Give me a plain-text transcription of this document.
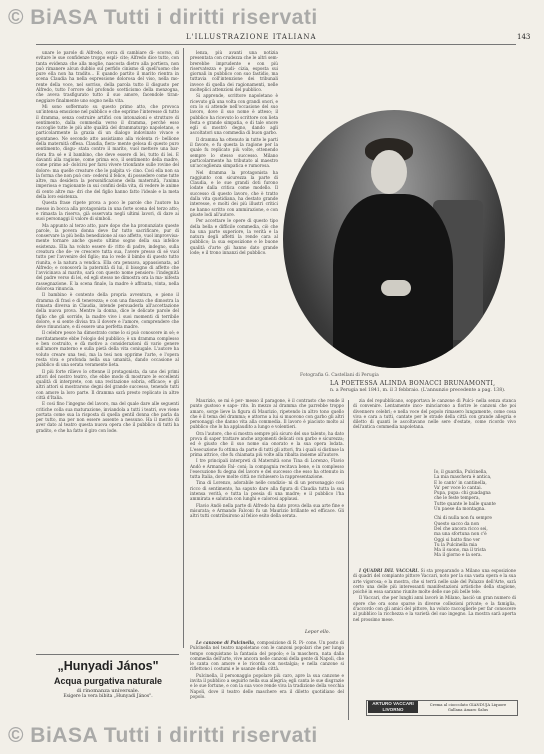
© BiASA Tutti i diritti riservati
L'ILLUSTRAZIONE ITALIANA	143

unare le parole di Alfredo, cerca di cambiare di- scorso, di evitare le sue confidenze troppo espli- cite; Alfredo dice tutto, con tanta evidenza che alla moglie, nascosta dietro alla portiera, non può rimanere alcun dubbio sul perfido cinismo di quell'uomo che pure ella non ha tradito... E quando partito il marito rientra in scena Claudia ha nella espressione dolorosa del viso, nella mo- rente della voce, nel sorriso, della parola tutto il disgusto per Alfredo, tutto l'orrore del profondo scetticismo della menzogna, che aveva trasfigurato tutto il suo amore, facendole tiran- neggiare finalmente uno sogno nella vita.

Mi sono soffermato su questo primo atto, che provoca un'intensa emozione nel pubblico e che esprime l'interesse di tutto il dramma, senza costruire artifici con intonazioni e strutture di sentimento, dalla commedia verso il dramma, perché esso raccoglie tutte le più alte qualità del drammaturgo napoletano, e particolarmente la grazia di un dialogo indovinato vivace e spontaneo. Ne secondo atto assistiamo alla violenta ri- bellione della maternità offesa. Claudia, fiera- mente gelosa di questo puro sentimento, disgu- stata contro il marito, vuol mettere una bar- riera fra sé e il bambino, che deve essere di lei, tutto di lei. E davanti alla ragione, come prima eco, il sentimento della madre, come primo ad- dolcirsi per farsi vivere trionfante sulle rovine del dolore: ma quelle creature che le palpita vi- cino. Così ella non sa la forma che non può con- cedersi il felice, di possedere come tutte altre, ma desidera la personificazione della maternità, l'anima imperiosa e ragionante in sui confini della vita, di vedere le anime di cento altre ma- dri che del figlio hanno fatto l'ideale e la meta della loro esistenza.

Questa frase ripete prova a poco le parole che l'autore ha messo in bocca alla protagonista in una forte scena del terzo atto; e rimasta la riserva, già osservata negli ultimi lavori, di dare ai suoi personaggi il valore di simboli.

Ma appunto al terzo atto, pare dopo che ha pronunziato queste parole, la povera donna deve far tutto sacrificare, pur di conservare la più bella benedizione al suo affetto, vuol improvvisa- mente tornare anche questo ultimo sogno della sua infelice esistenza. Ella ha voluto essere di- ritto di padre, indegno, sulla creatura che de- ve crescere tutta sua, l'avere presso di sé vuol tutto per l'avvenire del figlio; ma lo vede il bimbo di questo tutto riunita, e la natura a vendica. Ella ora pensava, appassionata, ad Alfredo; e conoscerà la paternità di lui, il bisogno di affetto che l'avvicinava al marito, sarà con questo nome pensiero: l'indegnità del padre verso di lei, ed egli stesso ne dimostra ora la ma- nifesta rassegnazione. E la scena finale, la madre è affranta, vinta, nella dolorosa rinuncia.

Il bambino è contento della propria avventura, e pieno il dramma di frasi e di tenerezza; e con una finezza che dimostra la rimasta diversa in Claudia, intende persuaderla all'accettazione della nuova prova. Mentre la donna, dice le delicate parole del figlio che gli sorride, la madre vive i suoi momenti di terribile dolore, e si sente divisa tra il dovere e l'amore, comprendere che deve rinunciare, e di essere una perfetta madre.

Il celebre pesce ha dimostrato come lo si può conoscere in sé; e meritatamente ebbe l'elogio del pubblico; è un dramma complesso e ben costruito, e dà motivo a considerazioni di vario genere sull'amore materno e sulla pietà della vita coniugale. L'autore ha voluto creare una tesi, ma la tesi non opprime l'arte, e l'opera resta viva e profonda nella sua umanità, dando occasione al pubblico di una serata veramente lieta.

Il più forte rilievo lo ottenne il protagonista, da uno dei primi attori del nostro teatro, che ebbe modo di mostrare le eccellenti qualità di interprete, con una recitazione sobria, efficace; e gli altri attori si mostrarono degni del grande successo, tenendo tutti con amore la loro parte. Il dramma sarà presto replicato in altre città d'Italia.

E così fino l'ingegno del lavoro, ma del quale dare alle seguenti critiche colla sua maturazione, inviandola a tutti i teatri, ove viene portata come sua la risposta di quella gentil donna che parla da per tutto, ma per non essere assente a nessuno. Ha il merito di aver dato al teatro questa nuova opera che il pubblico di tutti ha gradito, e che ha fatto il giro con lode.

lenza, più avanti una notizia presentata con crudezza che le altri sem- brerebbe imprudente e con più riservatezza e pudi- cizia, esposta sui giornali in pubblico con suo fastidio, ma tuttavia coll'intenzione dei tribunali invece di quella dei ragionamenti, nelle molteplici attenzioni del pubblico.

Si apprende, scrittore napoletano è ricevuto già una volta con grandi onori, e ora lo si attende nell'occasione del suo lavoro, dove il suo nome è atteso; il pubblico ha ricevuto lo scrittore con lieta festa e grande simpatia, e di tale onore egli si mostrò degno, dando agli ascoltatori una commedia di buon garbo.

Il dramma ha ottenuto in tutte le parti il favore, e fu questa la ragione per la quale fu replicato più volte, ottenendo sempre lo stesso successo. Milano particolarmente ha tributato al maestro un'accoglienza simpatica e rumorosa.

Nel dramma la protagonista ha raggiunto con sicurezza la parte di Claudia, e le sue grandi doti furono lodate dalla critica come modello. Il successo di questo lavoro, che è tratto dalla vita quotidiana, ha destato grande interesse, e molti dei più illustri critici ne hanno scritto con ammirazione, e con giuste lodi all'autore.

Per accettare le opere di questo tipo della bella e difficile commedia, ciò che ha una parte superiore, la verità e la natura degli affetti la rende cara al pubblico; la sua esposizione e le buone qualità d'arte gli hanno dato grande lode; e il trono innanzi del pubblico.

Fotografia G. Castellani di Perugia
LA POETESSA ALINDA BONACCI BRUNAMONTI,
n. a Perugia nel 1841, m. il 3 febbraio. (L'annunzio precedente a pag. 138).

Maurizio, se mi è per- messo il paragone, è il contrasto che rende il punto gustoso e sapo- rito. In mezzo al dramma che parrebbe troppo amaro, sorge lieve la figura di Maurizio, ripetendo in altro tono quello che è il tema del dramma; e attorno a lui si muovono con garbo gli altri personaggi che danno vita alla commedia. Il lavoro è piaciuto molto al pubblico che lo ha applaudito a lungo e volentieri.

Ora l'autore, che si mostra sempre più sicuro del suo talento, ha dato prova di saper trattare anche argomenti delicati con garbo e sicurezza; ed è giusto che il suo nome sia onorato e la sua opera lodata. L'esecuzione fu ottima da parte di tutti gli attori, fra i quali si distinse la prima attrice, che fu chiamata più volte alla ribalta insieme all'autore.

I tre principali interpreti di Maternità sono Tina di Lorenzo, Flavio Andò e Armando Fal- coni; la compagnia recitava bene, e in complesso l'esecuzione fu degna del lavoro e del successo che esso ha ottenuto in tutta Italia, dove molte città ne richiesero la rappresentazione.

Tina di Lorenzo, adorabile nelle condizio- ni di un personaggio così ricco di sentimento, ha saputo dare alla figura di Claudia tutta la sua intensa verità, e tutta la poesia di una madre; e il pubblico l'ha ammirata e salutata con lunghi e calorosi applausi.

Flavio Andò nella parte di Alfredo ha dato prova della sua arte fine e misurata; e Armando Falconi fu un Maurizio brillante ed efficace. Gli altri tutti contribuirono al felice esito della serata.

Lepor ello.

Le canzone di Pulcinella, composizione di R. Pi- cone. Un posto di Pulcinella nel teatro napoletano con le canzoni popolari che per lungo tempo conquistano la fantasia del popolo; e la maschera, nata dalla commedia dell'arte, vive ancora nelle canzoni della gente di Napoli, che le canta con amore e le ricorda con nostalgia; e nella canzone si riflettono i costumi e le usanze della città.

Pulcinella, il personaggio popolare più caro, apre la sua canzone e invita il pubblico a seguirlo nella sua allegria; egli canta le sue disgrazie e le sue fortune, e con la sua voce rende viva la tradizione della vecchia Napoli, dove il teatro delle maschere era il diletto quotidiano del popolo.

zia del repubblicano, sopportava le canzone di Pulci- nella senza stanca di convenire. Lentamente inco- minciarono a fiorire le canzoni che poi divennero celebri; e nella voce del popolo rimasero lungamente, come cosa viva e cara a tutti, cantate per le strade della città con grande allegria e diletto di quanti le ascoltavano nelle sere d'estate, come ricordo vivo dell'antica commedia napoletana.

Io, il guardia, Pulcinella,
La mia maschera è antica,
E lo canto' in cantinella,
Va' per voce lo cantai.
Pupa, pupa: chi guadagna
che le feste tempera,
Tutte quante le balle quante
Un paese da montagna.
Chi di nulla non fu sempre
Questo sacco da non
Del che ancora ricco sei,
ma una sfortuna non c'è
Oggi si batto fino ver
Tu la Pulcinella mia
Ma il suono, ma il trista
Ma il giorno e la sera.

I QUADRI DEL VACCARI. Si sta preparando a Milano una esposizione di quadri del compianto pittore Vaccari, noto per la sua vasta opera e la sua arte vigorosa; e la mostra, che si terrà nelle sale del Palazzo dell'Arte, sarà certo una delle più interessanti manifestazioni artistiche della stagione, poiché in essa saranno riunite molte delle sue più belle tele.

Il Vaccari, che per lunghi anni lavorò in Milano, lasciò un gran numero di opere che ora sono sparse in diverse collezioni private; e la famiglia, d'accordo con gli amici del pittore, ha voluto raccoglierle per far conoscere al pubblico la ricchezza e la varietà del suo ingegno. La mostra sarà aperta nel prossimo mese.

„Hunyadi János"
Acqua purgativa naturale
di rinomanza universale.
Esigere la vera bibita „Hunyadi János".
ARTURO VACCARI LIVORNO
Crema al cioccolato GIANDUJA Liquore Gallana Amaro Salus
© BiASA Tutti i diritti riservati
